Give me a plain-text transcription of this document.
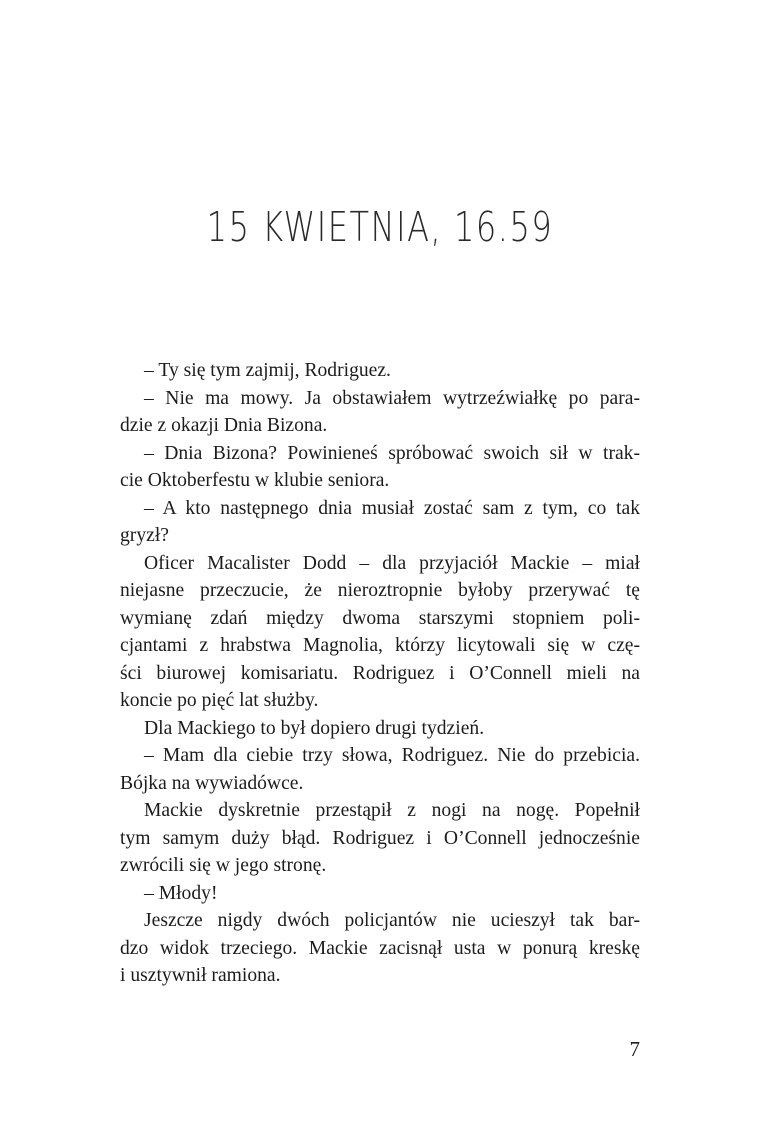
15 KWIETNIA, 16.59
– Ty się tym zajmij, Rodriguez.
– Nie ma mowy. Ja obstawiałem wytrzeźwiałkę po para-
dzie z okazji Dnia Bizona.
– Dnia Bizona? Powinieneś spróbować swoich sił w trak-
cie Oktoberfestu w klubie seniora.
– A kto następnego dnia musiał zostać sam z tym, co tak
gryzł?
Oficer Macalister Dodd – dla przyjaciół Mackie – miał
niejasne przeczucie, że nieroztropnie byłoby przerywać tę
wymianę zdań między dwoma starszymi stopniem poli-
cjantami z hrabstwa Magnolia, którzy licytowali się w czę-
ści biurowej komisariatu. Rodriguez i O’Connell mieli na
koncie po pięć lat służby.
Dla Mackiego to był dopiero drugi tydzień.
– Mam dla ciebie trzy słowa, Rodriguez. Nie do przebicia.
Bójka na wywiadówce.
Mackie dyskretnie przestąpił z nogi na nogę. Popełnił
tym samym duży błąd. Rodriguez i O’Connell jednocześnie
zwrócili się w jego stronę.
– Młody!
Jeszcze nigdy dwóch policjantów nie ucieszył tak bar-
dzo widok trzeciego. Mackie zacisnął usta w ponurą kreskę
i usztywnił ramiona.
7
